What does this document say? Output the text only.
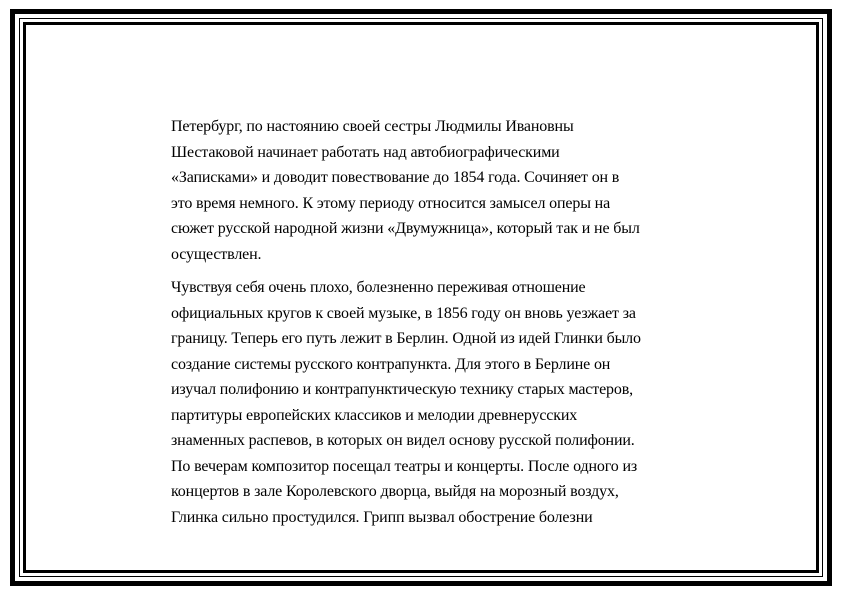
Петербург, по настоянию своей сестры Людмилы Ивановны

Шестаковой начинает работать над автобиографическими

«Записками» и доводит повествование до 1854 года. Сочиняет он в

это время немного. К этому периоду относится замысел оперы на

сюжет русской народной жизни «Двумужница», который так и не был

осуществлен.

Чувствуя себя очень плохо, болезненно переживая отношение

официальных кругов к своей музыке, в 1856 году он вновь уезжает за

границу. Теперь его путь лежит в Берлин. Одной из идей Глинки было

создание системы русского контрапункта. Для этого в Берлине он

изучал полифонию и контрапунктическую технику старых мастеров,

партитуры европейских классиков и мелодии древнерусских

знаменных распевов, в которых он видел основу русской полифонии.

По вечерам композитор посещал театры и концерты. После одного из

концертов в зале Королевского дворца, выйдя на морозный воздух,

Глинка сильно простудился. Грипп вызвал обострение болезни
